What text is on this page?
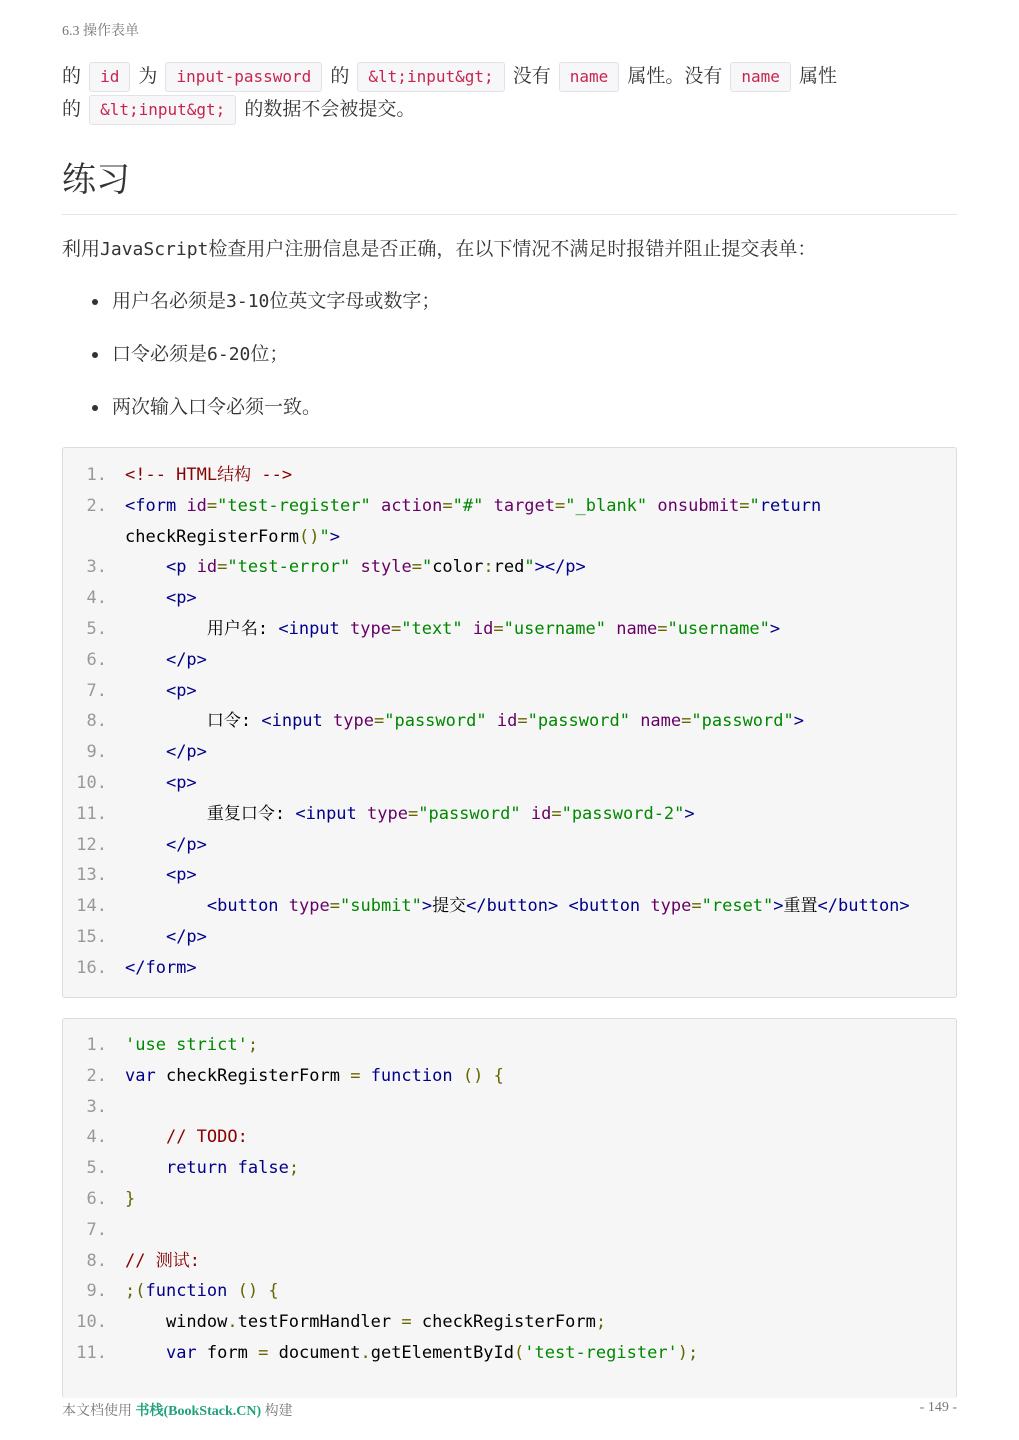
6.3 操作表单
的 id 为 input-password 的 &lt;input&gt; 没有 name 属性。没有 name 属性
的 &lt;input&gt; 的数据不会被提交。
练习
利用JavaScript检查用户注册信息是否正确，在以下情况不满足时报错并阻止提交表单：
用户名必须是3-10位英文字母或数字；
口令必须是6-20位；
两次输入口令必须一致。
1. <!-- HTML结构 -->
2. <form id="test-register" action="#" target="_blank" onsubmit="return
checkRegisterForm()">
3.	<p id="test-error" style="color:red"></p>
4.	<p>
5. 用户名: <input type="text" id="username" name="username">
6.	</p>
7.	<p>
8. 口令: <input type="password" id="password" name="password">
9.	</p>
10.	<p>
11. 重复口令: <input type="password" id="password-2">
12.	</p>
13.	<p>
14.	<button type="submit">提交</button> <button type="reset">重置</button>
15.	</p>
16. </form>
1. 'use strict';
2. var checkRegisterForm = function () {
3.

4.	// TODO:
5.	return false;
6. }
7.

8. // 测试:
9. ;(function () {
10. window.testFormHandler = checkRegisterForm;
11.	var form = document.getElementById('test-register');
本文档使用 书栈(BookStack.CN) 构建	- 149 -
